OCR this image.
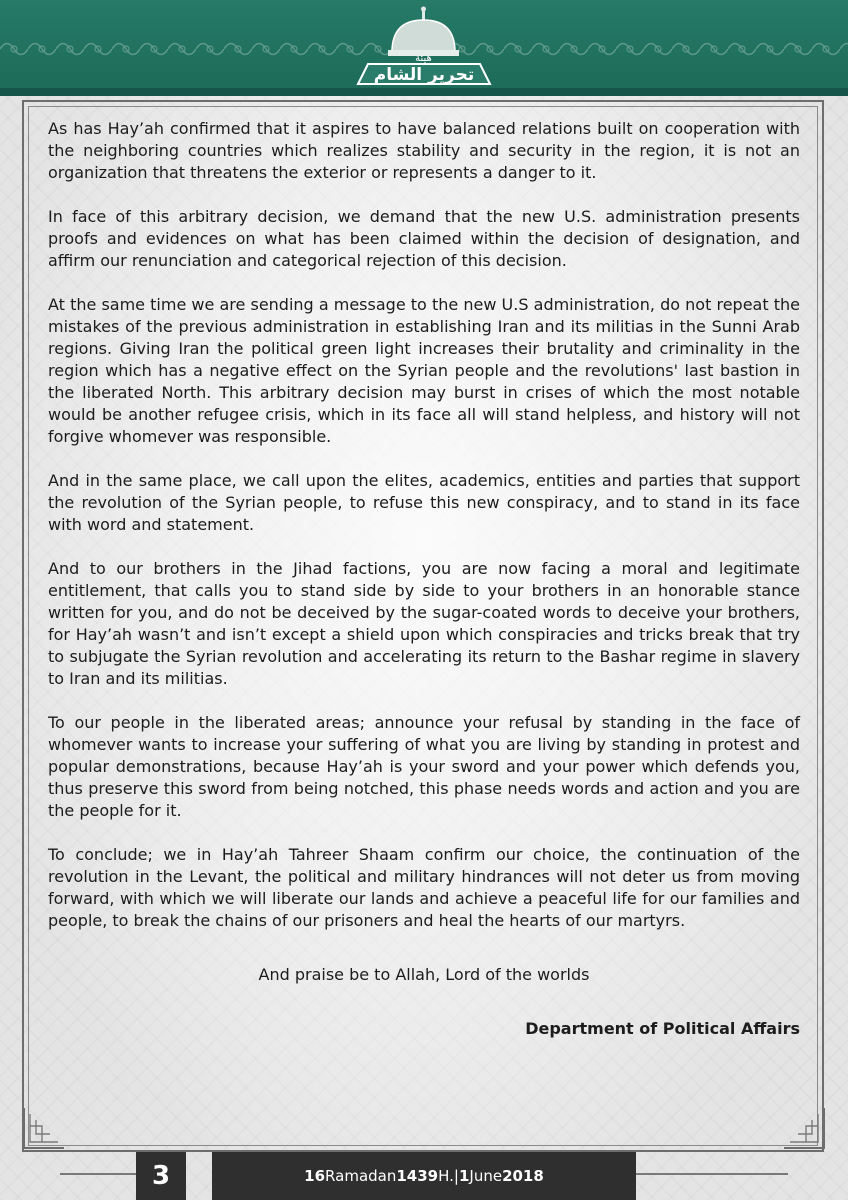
هيئة
تحرير الشام

As has Hay’ah confirmed that it aspires to have balanced relations built on cooperation with the neighboring countries which realizes stability and security in the region, it is not an organization that threatens the exterior or represents a danger to it.

In face of this arbitrary decision, we demand that the new U.S. administration presents proofs and evidences on what has been claimed within the decision of designation, and affirm our renunciation and categorical rejection of this decision.

At the same time we are sending a message to the new U.S administration, do not repeat the mistakes of the previous administration in establishing Iran and its militias in the Sunni Arab regions. Giving Iran the political green light increases their brutality and criminality in the region which has a negative effect on the Syrian people and the revolutions' last bastion in the liberated North. This arbitrary decision may burst in crises of which the most notable would be another refugee crisis, which in its face all will stand helpless, and history will not forgive whomever was responsible.

And in the same place, we call upon the elites, academics, entities and parties that support the revolution of the Syrian people, to refuse this new conspiracy, and to stand in its face with word and statement.

And to our brothers in the Jihad factions, you are now facing a moral and legitimate entitlement, that calls you to stand side by side to your brothers in an honorable stance written for you, and do not be deceived by the sugar-coated words to deceive your brothers, for Hay’ah wasn’t and isn’t except a shield upon which conspiracies and tricks break that try to subjugate the Syrian revolution and accelerating its return to the Bashar regime in slavery to Iran and its militias.

To our people in the liberated areas; announce your refusal by standing in the face of whomever wants to increase your suffering of what you are living by standing in protest and popular demonstrations, because Hay’ah is your sword and your power which defends you, thus preserve this sword from being notched, this phase needs words and action and you are the people for it.

To conclude; we in Hay’ah Tahreer Shaam confirm our choice, the continuation of the revolution in the Levant, the political and military hindrances will not deter us from moving forward, with which we will liberate our lands and achieve a peaceful life for our families and people, to break the chains of our prisoners and heal the hearts of our martyrs.

And praise be to Allah, Lord of the worlds

Department of Political Affairs

3	16 Ramadan 1439 H.| 1 June 2018
